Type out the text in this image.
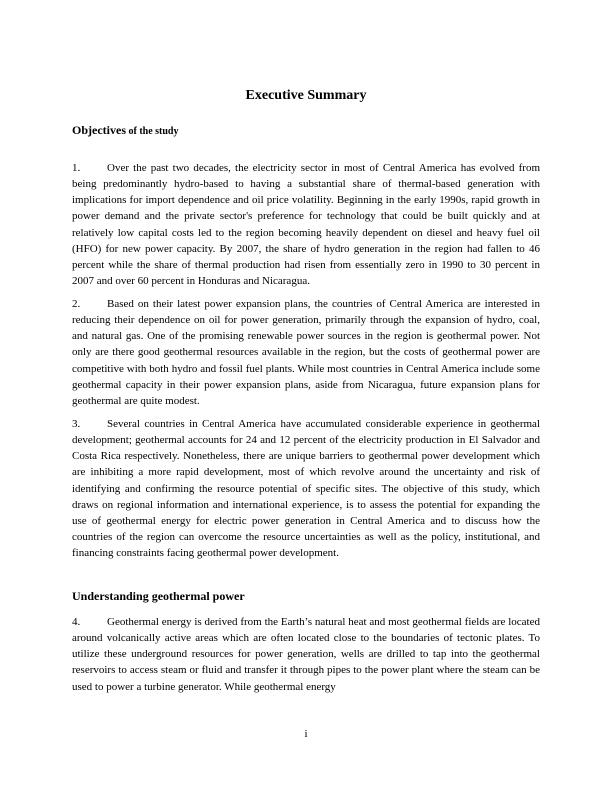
Executive Summary
Objectives of the study
1. Over the past two decades, the electricity sector in most of Central America has evolved from being predominantly hydro-based to having a substantial share of thermal-based generation with implications for import dependence and oil price volatility. Beginning in the early 1990s, rapid growth in power demand and the private sector's preference for technology that could be built quickly and at relatively low capital costs led to the region becoming heavily dependent on diesel and heavy fuel oil (HFO) for new power capacity. By 2007, the share of hydro generation in the region had fallen to 46 percent while the share of thermal production had risen from essentially zero in 1990 to 30 percent in 2007 and over 60 percent in Honduras and Nicaragua.
2. Based on their latest power expansion plans, the countries of Central America are interested in reducing their dependence on oil for power generation, primarily through the expansion of hydro, coal, and natural gas. One of the promising renewable power sources in the region is geothermal power. Not only are there good geothermal resources available in the region, but the costs of geothermal power are competitive with both hydro and fossil fuel plants. While most countries in Central America include some geothermal capacity in their power expansion plans, aside from Nicaragua, future expansion plans for geothermal are quite modest.
3. Several countries in Central America have accumulated considerable experience in geothermal development; geothermal accounts for 24 and 12 percent of the electricity production in El Salvador and Costa Rica respectively. Nonetheless, there are unique barriers to geothermal power development which are inhibiting a more rapid development, most of which revolve around the uncertainty and risk of identifying and confirming the resource potential of specific sites. The objective of this study, which draws on regional information and international experience, is to assess the potential for expanding the use of geothermal energy for electric power generation in Central America and to discuss how the countries of the region can overcome the resource uncertainties as well as the policy, institutional, and financing constraints facing geothermal power development.
Understanding geothermal power
4. Geothermal energy is derived from the Earth’s natural heat and most geothermal fields are located around volcanically active areas which are often located close to the boundaries of tectonic plates. To utilize these underground resources for power generation, wells are drilled to tap into the geothermal reservoirs to access steam or fluid and transfer it through pipes to the power plant where the steam can be used to power a turbine generator. While geothermal energy
i
